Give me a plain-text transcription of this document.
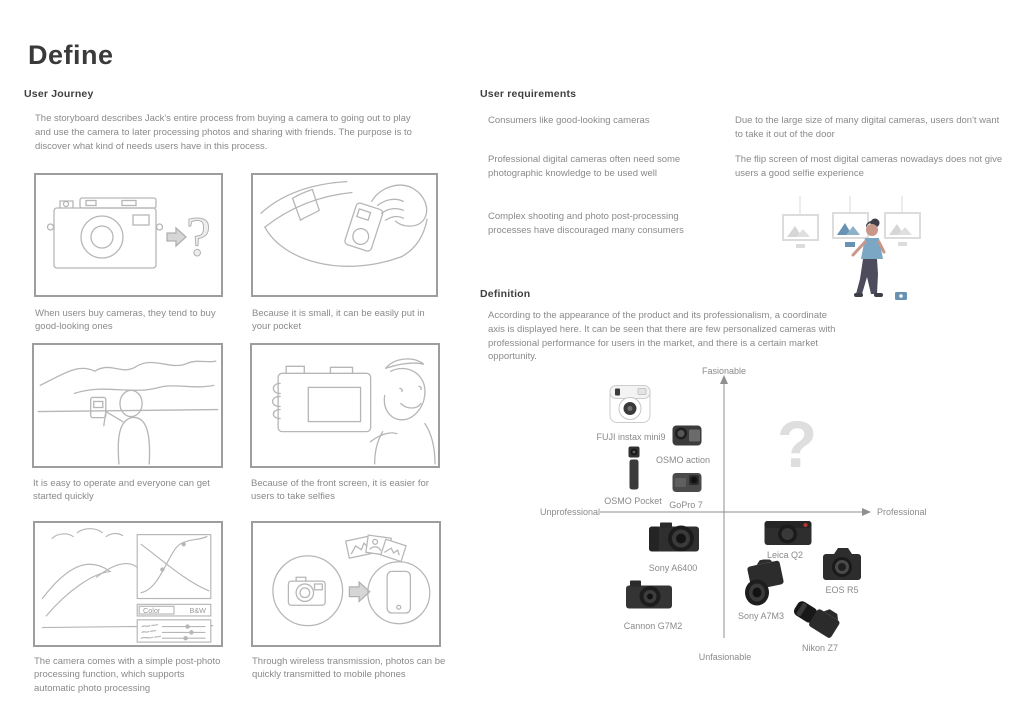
Define
User Journey
The storyboard describes Jack's entire process from buying a camera to going out to play and use the camera to later processing photos and sharing with friends. The purpose is to discover what kind of needs users have in this process.
?
When users buy cameras, they tend to buy good-looking ones
Because it is small, it can be easily put in your pocket
It is easy to operate and everyone can get started quickly
Because of the front screen, it is easier for users to take selfies
Color	B&W
The camera comes with a simple post-photo processing function, which supports automatic photo processing
Through wireless transmission, photos can be quickly transmitted to mobile phones
User requirements
Consumers like good-looking cameras
Professional digital cameras often need some photographic knowledge to be used well
Complex shooting and photo post-processing processes have discouraged many consumers
Due to the large size of many digital cameras, users don't want to take it out of the door
The flip screen of most digital cameras nowadays does not give users a good selfie experience
Definition
According to the appearance of the product and its professionalism, a coordinate axis is displayed here. It can be seen that there are few personalized cameras with professional performance for users in the market, and there is a certain market opportunity.
Fasionable
Unprofessional	Professional
Unfasionable
?
FUJI instax mini9
OSMO action
OSMO Pocket GoPro 7
Sony A6400
Cannon G7M2
Leica Q2
EOS R5
Sony A7M3
Nikon Z7
